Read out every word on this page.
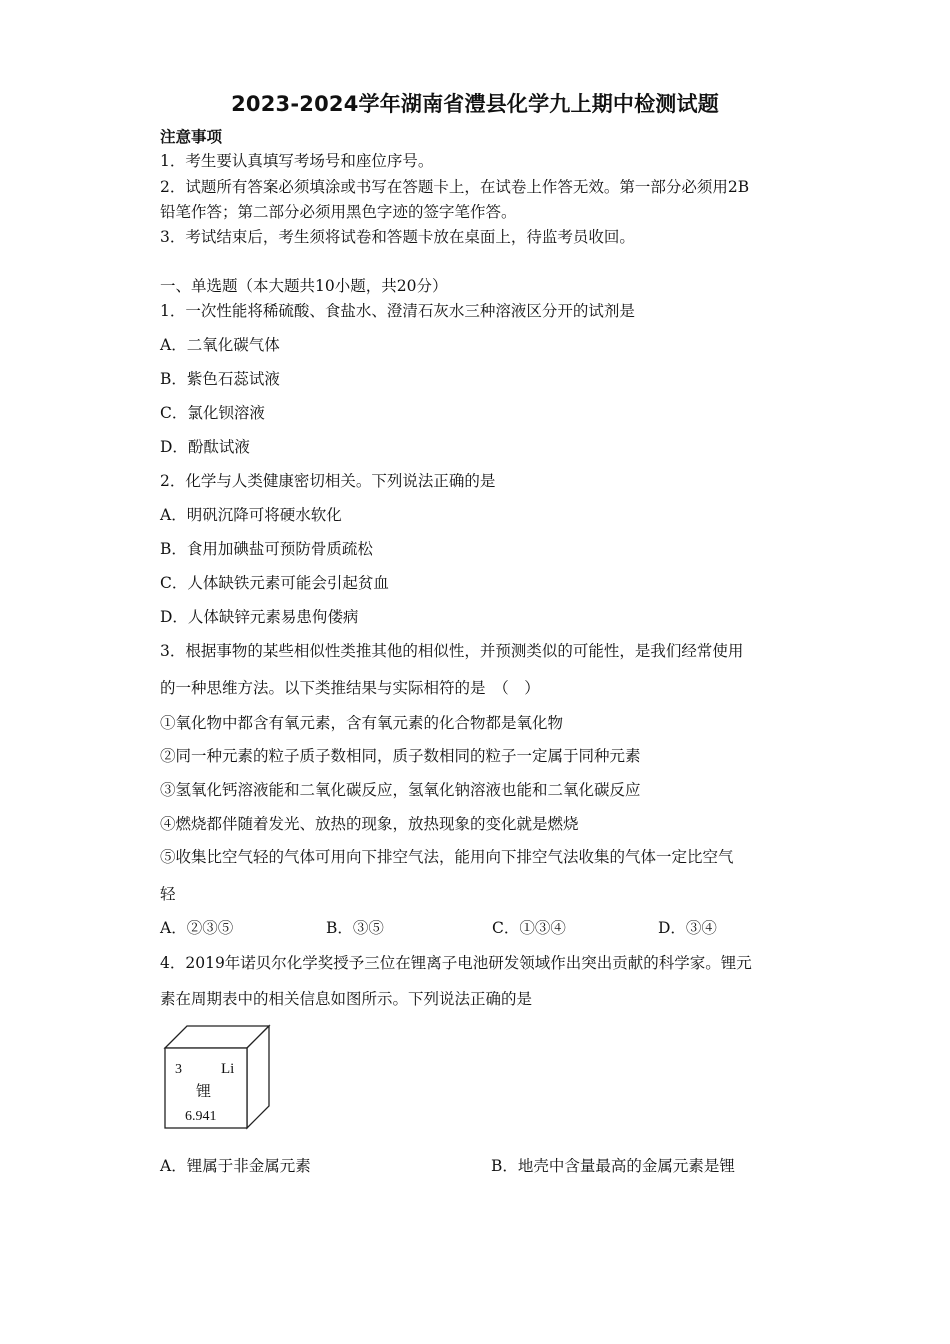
2023-2024学年湖南省澧县化学九上期中检测试题
注意事项
1．考生要认真填写考场号和座位序号。
2．试题所有答案必须填涂或书写在答题卡上，在试卷上作答无效。第一部分必须用2B
铅笔作答；第二部分必须用黑色字迹的签字笔作答。
3．考试结束后，考生须将试卷和答题卡放在桌面上，待监考员收回。
一、单选题（本大题共10小题，共20分）
1．一次性能将稀硫酸、食盐水、澄清石灰水三种溶液区分开的试剂是
A．二氧化碳气体
B．紫色石蕊试液
C．氯化钡溶液
D．酚酞试液
2．化学与人类健康密切相关。下列说法正确的是
A．明矾沉降可将硬水软化
B．食用加碘盐可预防骨质疏松
C．人体缺铁元素可能会引起贫血
D．人体缺锌元素易患佝偻病
3．根据事物的某些相似性类推其他的相似性，并预测类似的可能性，是我们经常使用
的一种思维方法。以下类推结果与实际相符的是　（　）
①氧化物中都含有氧元素，含有氧元素的化合物都是氧化物
②同一种元素的粒子质子数相同，质子数相同的粒子一定属于同种元素
③氢氧化钙溶液能和二氧化碳反应，氢氧化钠溶液也能和二氧化碳反应
④燃烧都伴随着发光、放热的现象，放热现象的变化就是燃烧
⑤收集比空气轻的气体可用向下排空气法，能用向下排空气法收集的气体一定比空气
轻
A．②③⑤	B．③⑤	C．①③④	D．③④
4．2019年诺贝尔化学奖授予三位在锂离子电池研发领域作出突出贡献的科学家。锂元
素在周期表中的相关信息如图所示。下列说法正确的是
3	Li
锂
6.941
A．锂属于非金属元素	B．地壳中含量最高的金属元素是锂
